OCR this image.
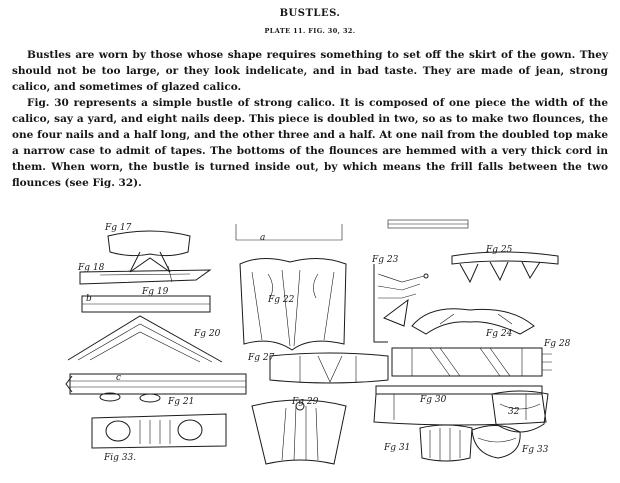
BUSTLES.
PLATE 11. FIG. 30, 32.

Bustles are worn by those whose shape requires something to set off the skirt of the gown. They should not be too large, or they look indelicate, and in bad taste. They are made of jean, strong calico, and sometimes of glazed calico.

Fig. 30 represents a simple bustle of strong calico. It is composed of one piece the width of the calico, say a yard, and eight nails deep. This piece is doubled in two, so as to make two flounces, the one four nails and a half long, and the other three and a half. At one nail from the doubled top make a narrow case to admit of tapes. The bottoms of the flounces are hemmed with a very thick cord in them. When worn, the bustle is turned inside out, by which means the frill falls between the two flounces (see Fig. 32).

Fg 17
Fg 18
b
Fg 19
Fg 20
c
Fg 21
Fig 33.
a
Fg 22
Fg 23
Fg 25
Fg 24
Fg 27
Fg 28
Fg 30
32
Fg 29
Fg 31	Fg 33
